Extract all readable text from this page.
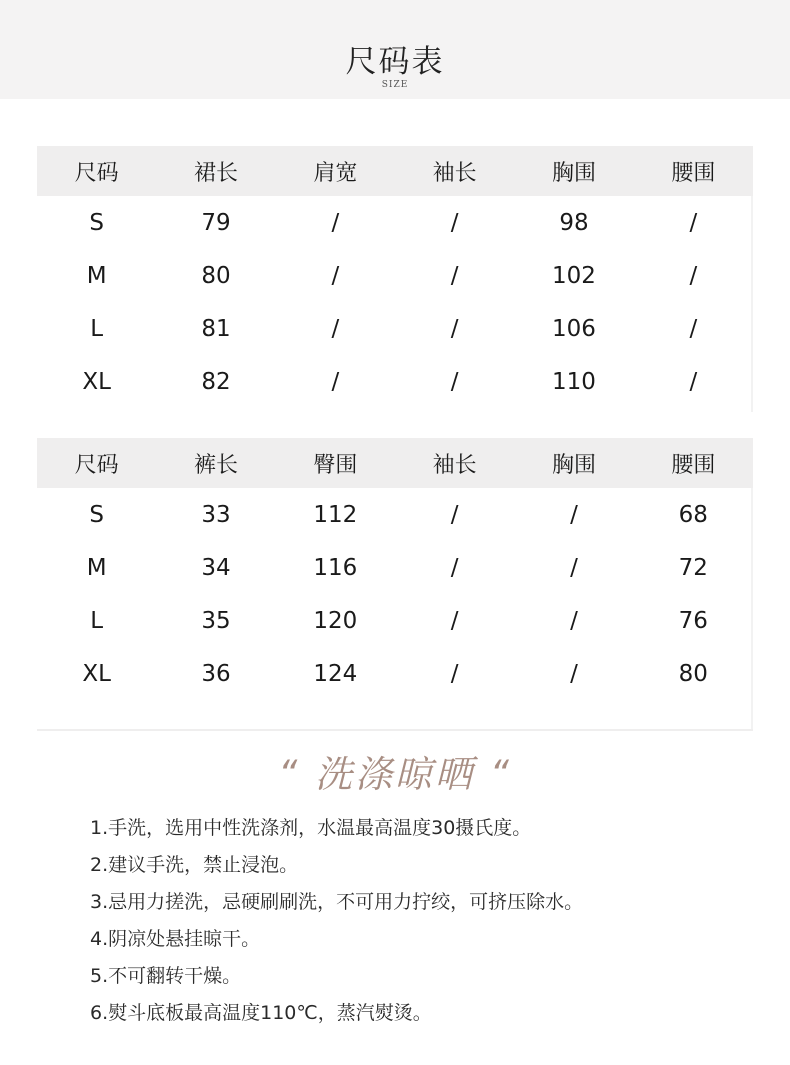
尺码表
SIZE
尺码	裙长	肩宽	袖长	胸围	腰围
S	79	/	/	98	/
M	80	/	/	102	/
L	81	/	/	106	/
XL	82	/	/	110	/
尺码	裤长	臀围	袖长	胸围	腰围
S	33	112	/	/	68
M	34	116	/	/	72
L	35	120	/	/	76
XL	36	124	/	/	80
“ 洗涤晾晒 “
1.手洗，选用中性洗涤剂，水温最高温度30摄氏度。
2.建议手洗，禁止浸泡。
3.忌用力搓洗，忌硬刷刷洗，不可用力拧绞，可挤压除水。
4.阴凉处悬挂晾干。
5.不可翻转干燥。
6.熨斗底板最高温度110℃，蒸汽熨烫。
